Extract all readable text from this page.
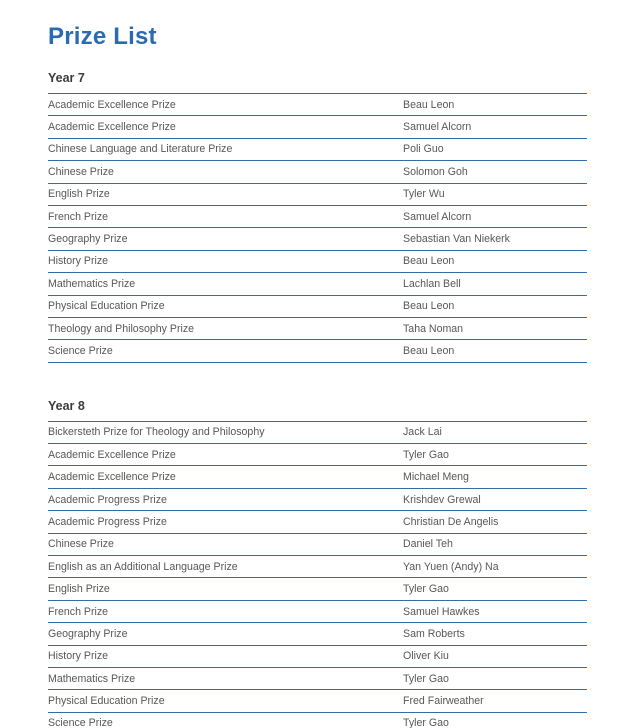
Prize List
Year 7
Academic Excellence Prize	Beau Leon
Academic Excellence Prize	Samuel Alcorn
Chinese Language and Literature Prize	Poli Guo
Chinese Prize	Solomon Goh
English Prize	Tyler Wu
French Prize	Samuel Alcorn
Geography Prize	Sebastian Van Niekerk
History Prize	Beau Leon
Mathematics Prize	Lachlan Bell
Physical Education Prize	Beau Leon
Theology and Philosophy Prize	Taha Noman
Science Prize	Beau Leon
Year 8
Bickersteth Prize for Theology and Philosophy	Jack Lai
Academic Excellence Prize	Tyler Gao
Academic Excellence Prize	Michael Meng
Academic Progress Prize	Krishdev Grewal
Academic Progress Prize	Christian De Angelis
Chinese Prize	Daniel Teh
English as an Additional Language Prize	Yan Yuen (Andy) Na
English Prize	Tyler Gao
French Prize	Samuel Hawkes
Geography Prize	Sam Roberts
History Prize	Oliver Kiu
Mathematics Prize	Tyler Gao
Physical Education Prize	Fred Fairweather
Science Prize	Tyler Gao
